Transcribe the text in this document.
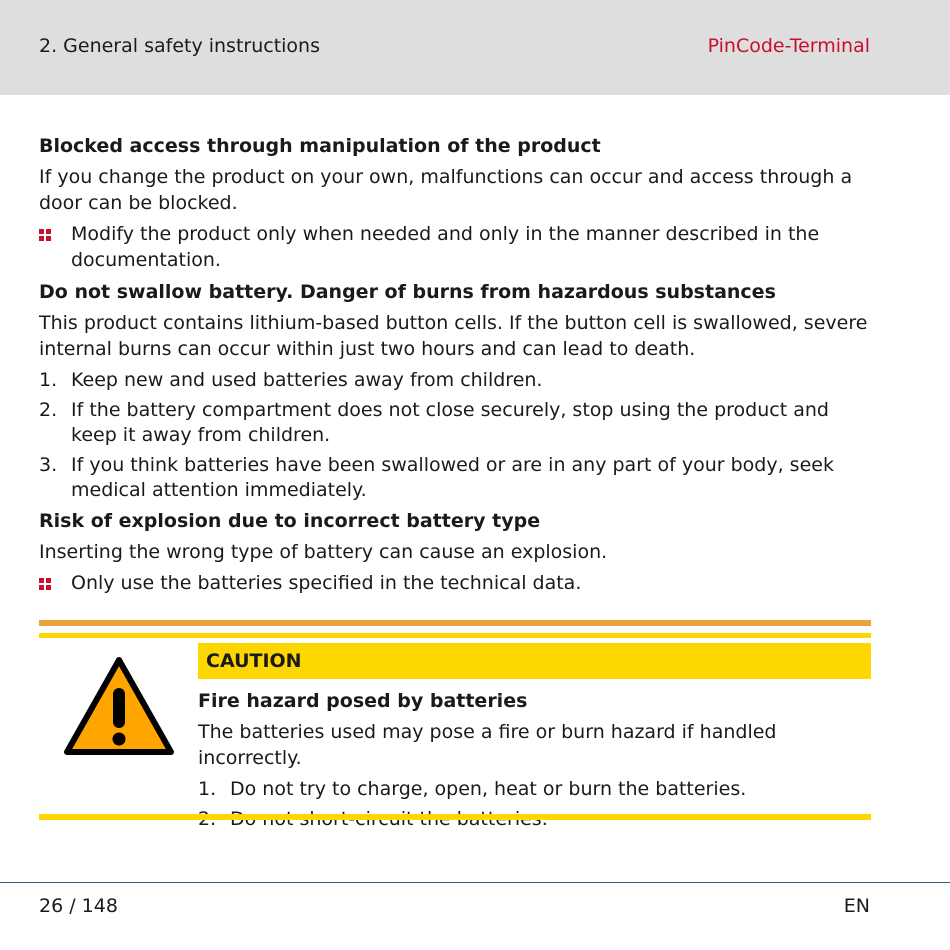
2. General safety instructions	PinCode-Terminal
Blocked access through manipulation of the product
If you change the product on your own, malfunctions can occur and access through a door can be blocked.
Modify the product only when needed and only in the manner described in the documentation.
Do not swallow battery. Danger of burns from hazardous substances
This product contains lithium-based button cells. If the button cell is swallowed, severe internal burns can occur within just two hours and can lead to death.
1. Keep new and used batteries away from children.
2. If the battery compartment does not close securely, stop using the product and keep it away from children.
3. If you think batteries have been swallowed or are in any part of your body, seek medical attention immediately.
Risk of explosion due to incorrect battery type
Inserting the wrong type of battery can cause an explosion.
Only use the batteries specified in the technical data.
CAUTION
Fire hazard posed by batteries
The batteries used may pose a fire or burn hazard if handled incorrectly.
1. Do not try to charge, open, heat or burn the batteries.
26 / 148	EN
